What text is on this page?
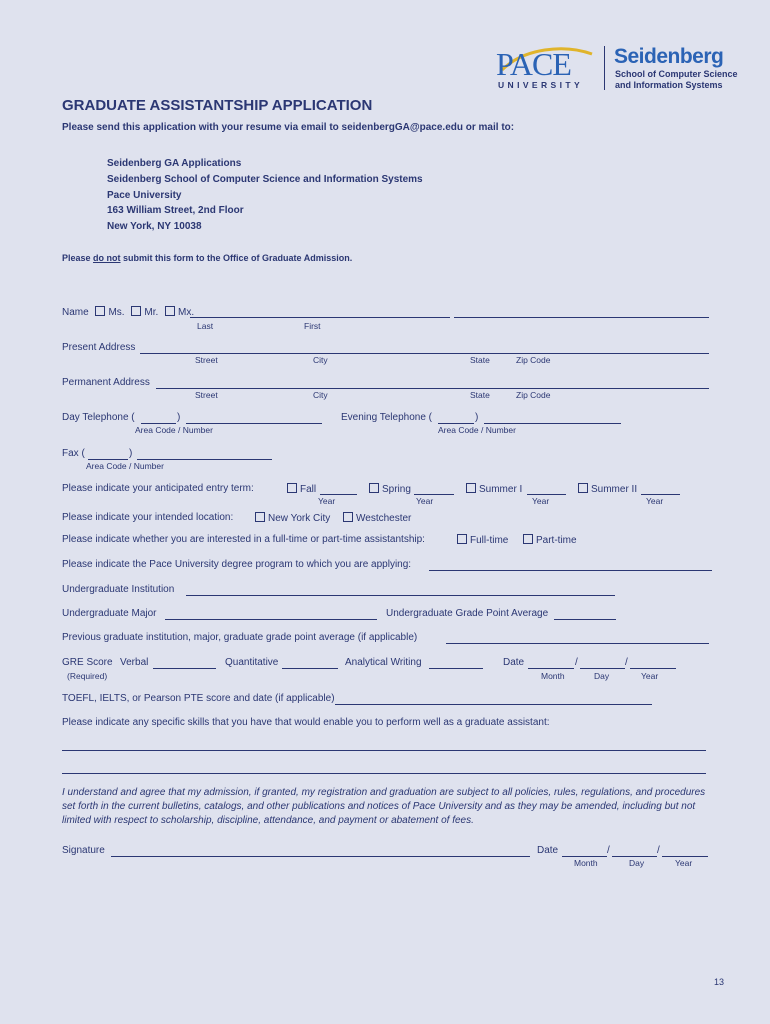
PACE
UNIVERSITY
Seidenberg
School of Computer Science
and Information Systems
GRADUATE ASSISTANTSHIP APPLICATION
Please send this application with your resume via email to seidenbergGA@pace.edu or mail to:
Seidenberg GA Applications
Seidenberg School of Computer Science and Information Systems
Pace University
163 William Street, 2nd Floor
New York, NY 10038
Please do not submit this form to the Office of Graduate Admission.
Name Ms. Mr. Mx.
Last	First
Present Address
Street	City	State	Zip Code
Permanent Address
Street	City	State	Zip Code
Day Telephone (	)
Area Code / Number
Evening Telephone (	)
Area Code / Number
Fax (	)
Area Code / Number
Please indicate your anticipated entry term:	Fall
Year
Spring
Year
Summer I
Year
Summer II
Year
Please indicate your intended location:	New York City	Westchester
Please indicate whether you are interested in a full-time or part-time assistantship:	Full-time	Part-time
Please indicate the Pace University degree program to which you are applying:
Undergraduate Institution
Undergraduate Major	Undergraduate Grade Point Average
Previous graduate institution, major, graduate grade point average (if applicable)
GRE Score
(Required)
Verbal	Quantitative	Analytical Writing	Date	/	/
Month	Day	Year
TOEFL, IELTS, or Pearson PTE score and date (if applicable)
Please indicate any specific skills that you have that would enable you to perform well as a graduate assistant:
I understand and agree that my admission, if granted, my registration and graduation are subject to all policies, rules, regulations, and procedures set forth in the current bulletins, catalogs, and other publications and notices of Pace University and as they may be amended, including but not limited with respect to scholarship, discipline, attendance, and payment or abatement of fees.
Signature	Date	/	/
Month	Day	Year
13
